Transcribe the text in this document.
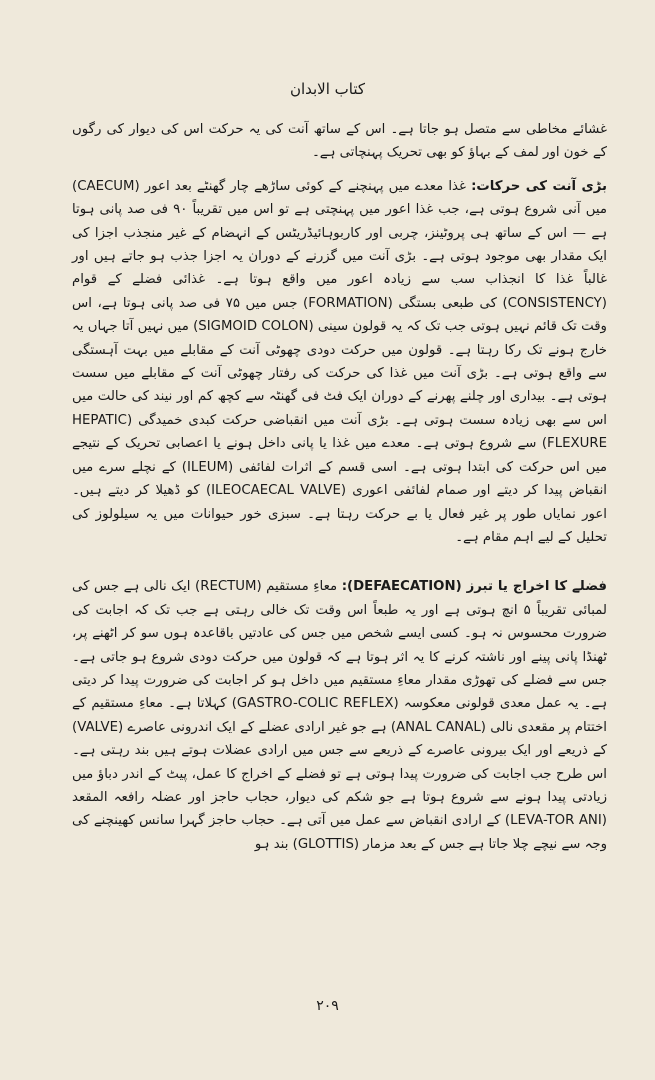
کتاب الابدان

غشائے مخاطی سے متصل ہو جاتا ہے۔ اس کے ساتھ آنت کی یہ حرکت اس کی دیوار کی رگوں کے خون اور لمف کے بہاؤ کو بھی تحریک پہنچاتی ہے۔

بڑی آنت کی حرکات: غذا معدے میں پہنچنے کے کوئی ساڑھے چار گھنٹے بعد اعور (CAECUM) میں آنی شروع ہوتی ہے، جب غذا اعور میں پہنچتی ہے تو اس میں تقریباً ۹۰ فی صد پانی ہوتا ہے — اس کے ساتھ ہی پروٹینز، چربی اور کاربوہائیڈریٹس کے انہضام کے غیر منجذب اجزا کی ایک مقدار بھی موجود ہوتی ہے۔ بڑی آنت میں گزرنے کے دوران یہ اجزا جذب ہو جاتے ہیں اور غالباً غذا کا انجذاب سب سے زیادہ اعور میں واقع ہوتا ہے۔ غذائی فضلے کے قوام (CONSISTENCY) کی طبعی بستگی (FORMATION) جس میں ۷۵ فی صد پانی ہوتا ہے، اس وقت تک قائم نہیں ہوتی جب تک کہ یہ قولون سینی (SIGMOID COLON) میں نہیں آتا جہاں یہ خارج ہونے تک رکا رہتا ہے۔ قولون میں حرکت دودی چھوٹی آنت کے مقابلے میں بہت آہستگی سے واقع ہوتی ہے۔ بڑی آنت میں غذا کی حرکت کی رفتار چھوٹی آنت کے مقابلے میں سست ہوتی ہے۔ بیداری اور چلنے پھرنے کے دوران ایک فٹ فی گھنٹہ سے کچھ کم اور نیند کی حالت میں اس سے بھی زیادہ سست ہوتی ہے۔ بڑی آنت میں انقباضی حرکت کبدی خمیدگی (HEPATIC FLEXURE) سے شروع ہوتی ہے۔ معدے میں غذا یا پانی داخل ہونے یا اعصابی تحریک کے نتیجے میں اس حرکت کی ابتدا ہوتی ہے۔ اسی قسم کے اثرات لفائفی (ILEUM) کے نچلے سرے میں انقباض پیدا کر دیتے اور صمام لفائفی اعوری (ILEOCAECAL VALVE) کو ڈھیلا کر دیتے ہیں۔ اعور نمایاں طور پر غیر فعال یا بے حرکت رہتا ہے۔ سبزی خور حیوانات میں یہ سیلولوز کی تحلیل کے لیے اہم مقام ہے۔

فضلے کا اخراج یا تبرز (DEFAECATION): معاءِ مستقیم (RECTUM) ایک نالی ہے جس کی لمبائی تقریباً ۵ انچ ہوتی ہے اور یہ طبعاً اس وقت تک خالی رہتی ہے جب تک کہ اجابت کی ضرورت محسوس نہ ہو۔ کسی ایسے شخص میں جس کی عادتیں باقاعدہ ہوں سو کر اٹھنے پر، ٹھنڈا پانی پینے اور ناشتہ کرنے کا یہ اثر ہوتا ہے کہ قولون میں حرکت دودی شروع ہو جاتی ہے۔ جس سے فضلے کی تھوڑی مقدار معاءِ مستقیم میں داخل ہو کر اجابت کی ضرورت پیدا کر دیتی ہے۔ یہ عمل معدی قولونی معکوسہ (GASTRO-COLIC REFLEX) کہلاتا ہے۔ معاءِ مستقیم کے اختتام پر مقعدی نالی (ANAL CANAL) ہے جو غیر ارادی عضلے کے ایک اندرونی عاصرے (VALVE) کے ذریعے اور ایک بیرونی عاصرے کے ذریعے سے جس میں ارادی عضلات ہوتے ہیں بند رہتی ہے۔ اس طرح جب اجابت کی ضرورت پیدا ہوتی ہے تو فضلے کے اخراج کا عمل، پیٹ کے اندر دباؤ میں زیادتی پیدا ہونے سے شروع ہوتا ہے جو شکم کی دیوار، حجاب حاجز اور عضلہ رافعہ المقعد (LEVA-TOR ANI) کے ارادی انقباض سے عمل میں آتی ہے۔ حجاب حاجز گہرا سانس کھینچنے کی وجہ سے نیچے چلا جاتا ہے جس کے بعد مزمار (GLOTTIS) بند ہو

۲۰۹
